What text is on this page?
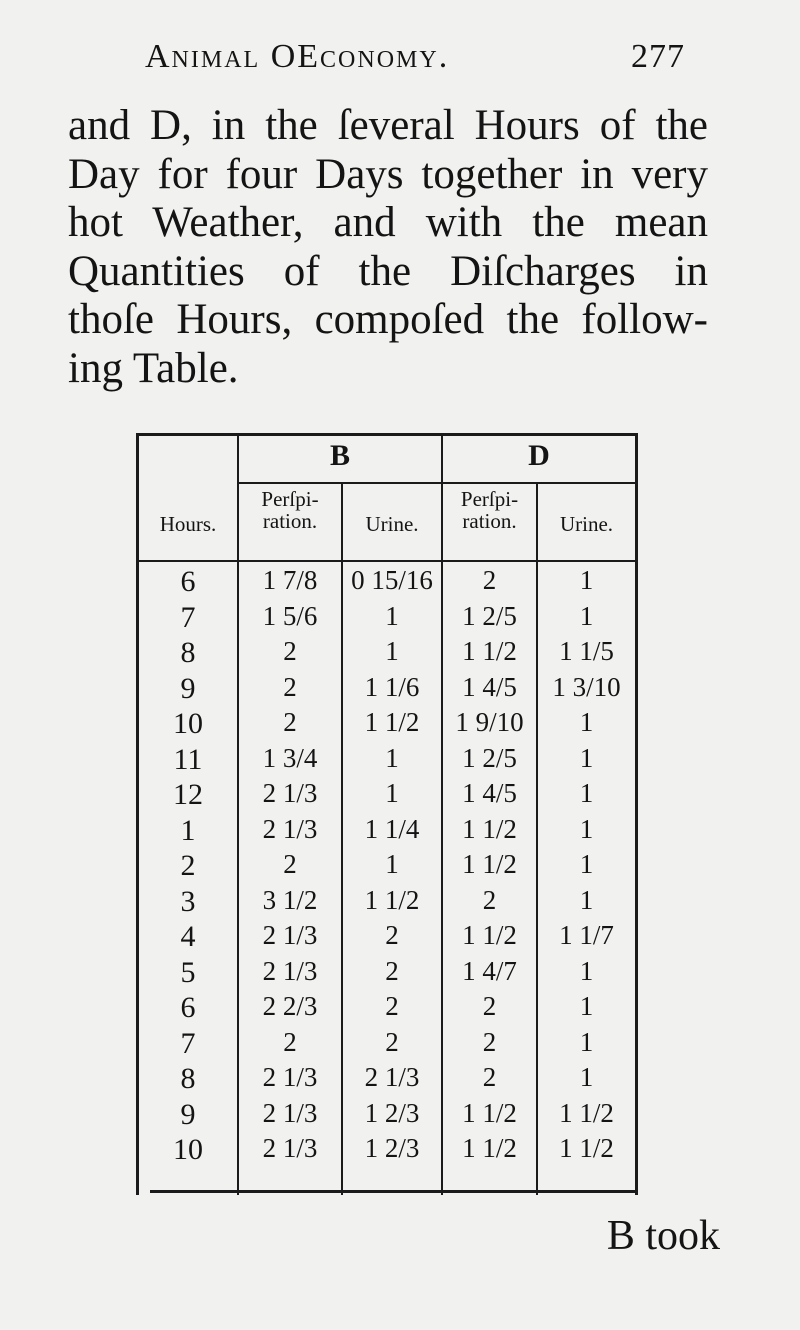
Animal OEconomy.	277
and D, in the ſeveral Hours of the
Day for four Days together in very
hot Weather, and with the mean
Quantities of the Diſcharges in
thoſe Hours, compoſed the follow-
ing Table.
B	D
Hours.
Perſpi-
ration.	Urine.
Perſpi-
ration.	Urine.
6	1 7/8	0 15/16	2	1
7	1 5/6	1	1 2/5	1
8	2	1	1 1/2	1 1/5
9	2	1 1/6	1 4/5	1 3/10
10	2	1 1/2	1 9/10	1
11	1 3/4	1	1 2/5	1
12	2 1/3	1	1 4/5	1
1	2 1/3	1 1/4	1 1/2	1
2	2	1	1 1/2	1
3	3 1/2	1 1/2	2	1
4	2 1/3	2	1 1/2	1 1/7
5	2 1/3	2	1 4/7	1
6	2 2/3	2	2	1
7	2	2	2	1
8	2 1/3	2 1/3	2	1
9	2 1/3	1 2/3	1 1/2	1 1/2
10	2 1/3	1 2/3	1 1/2	1 1/2
B took
